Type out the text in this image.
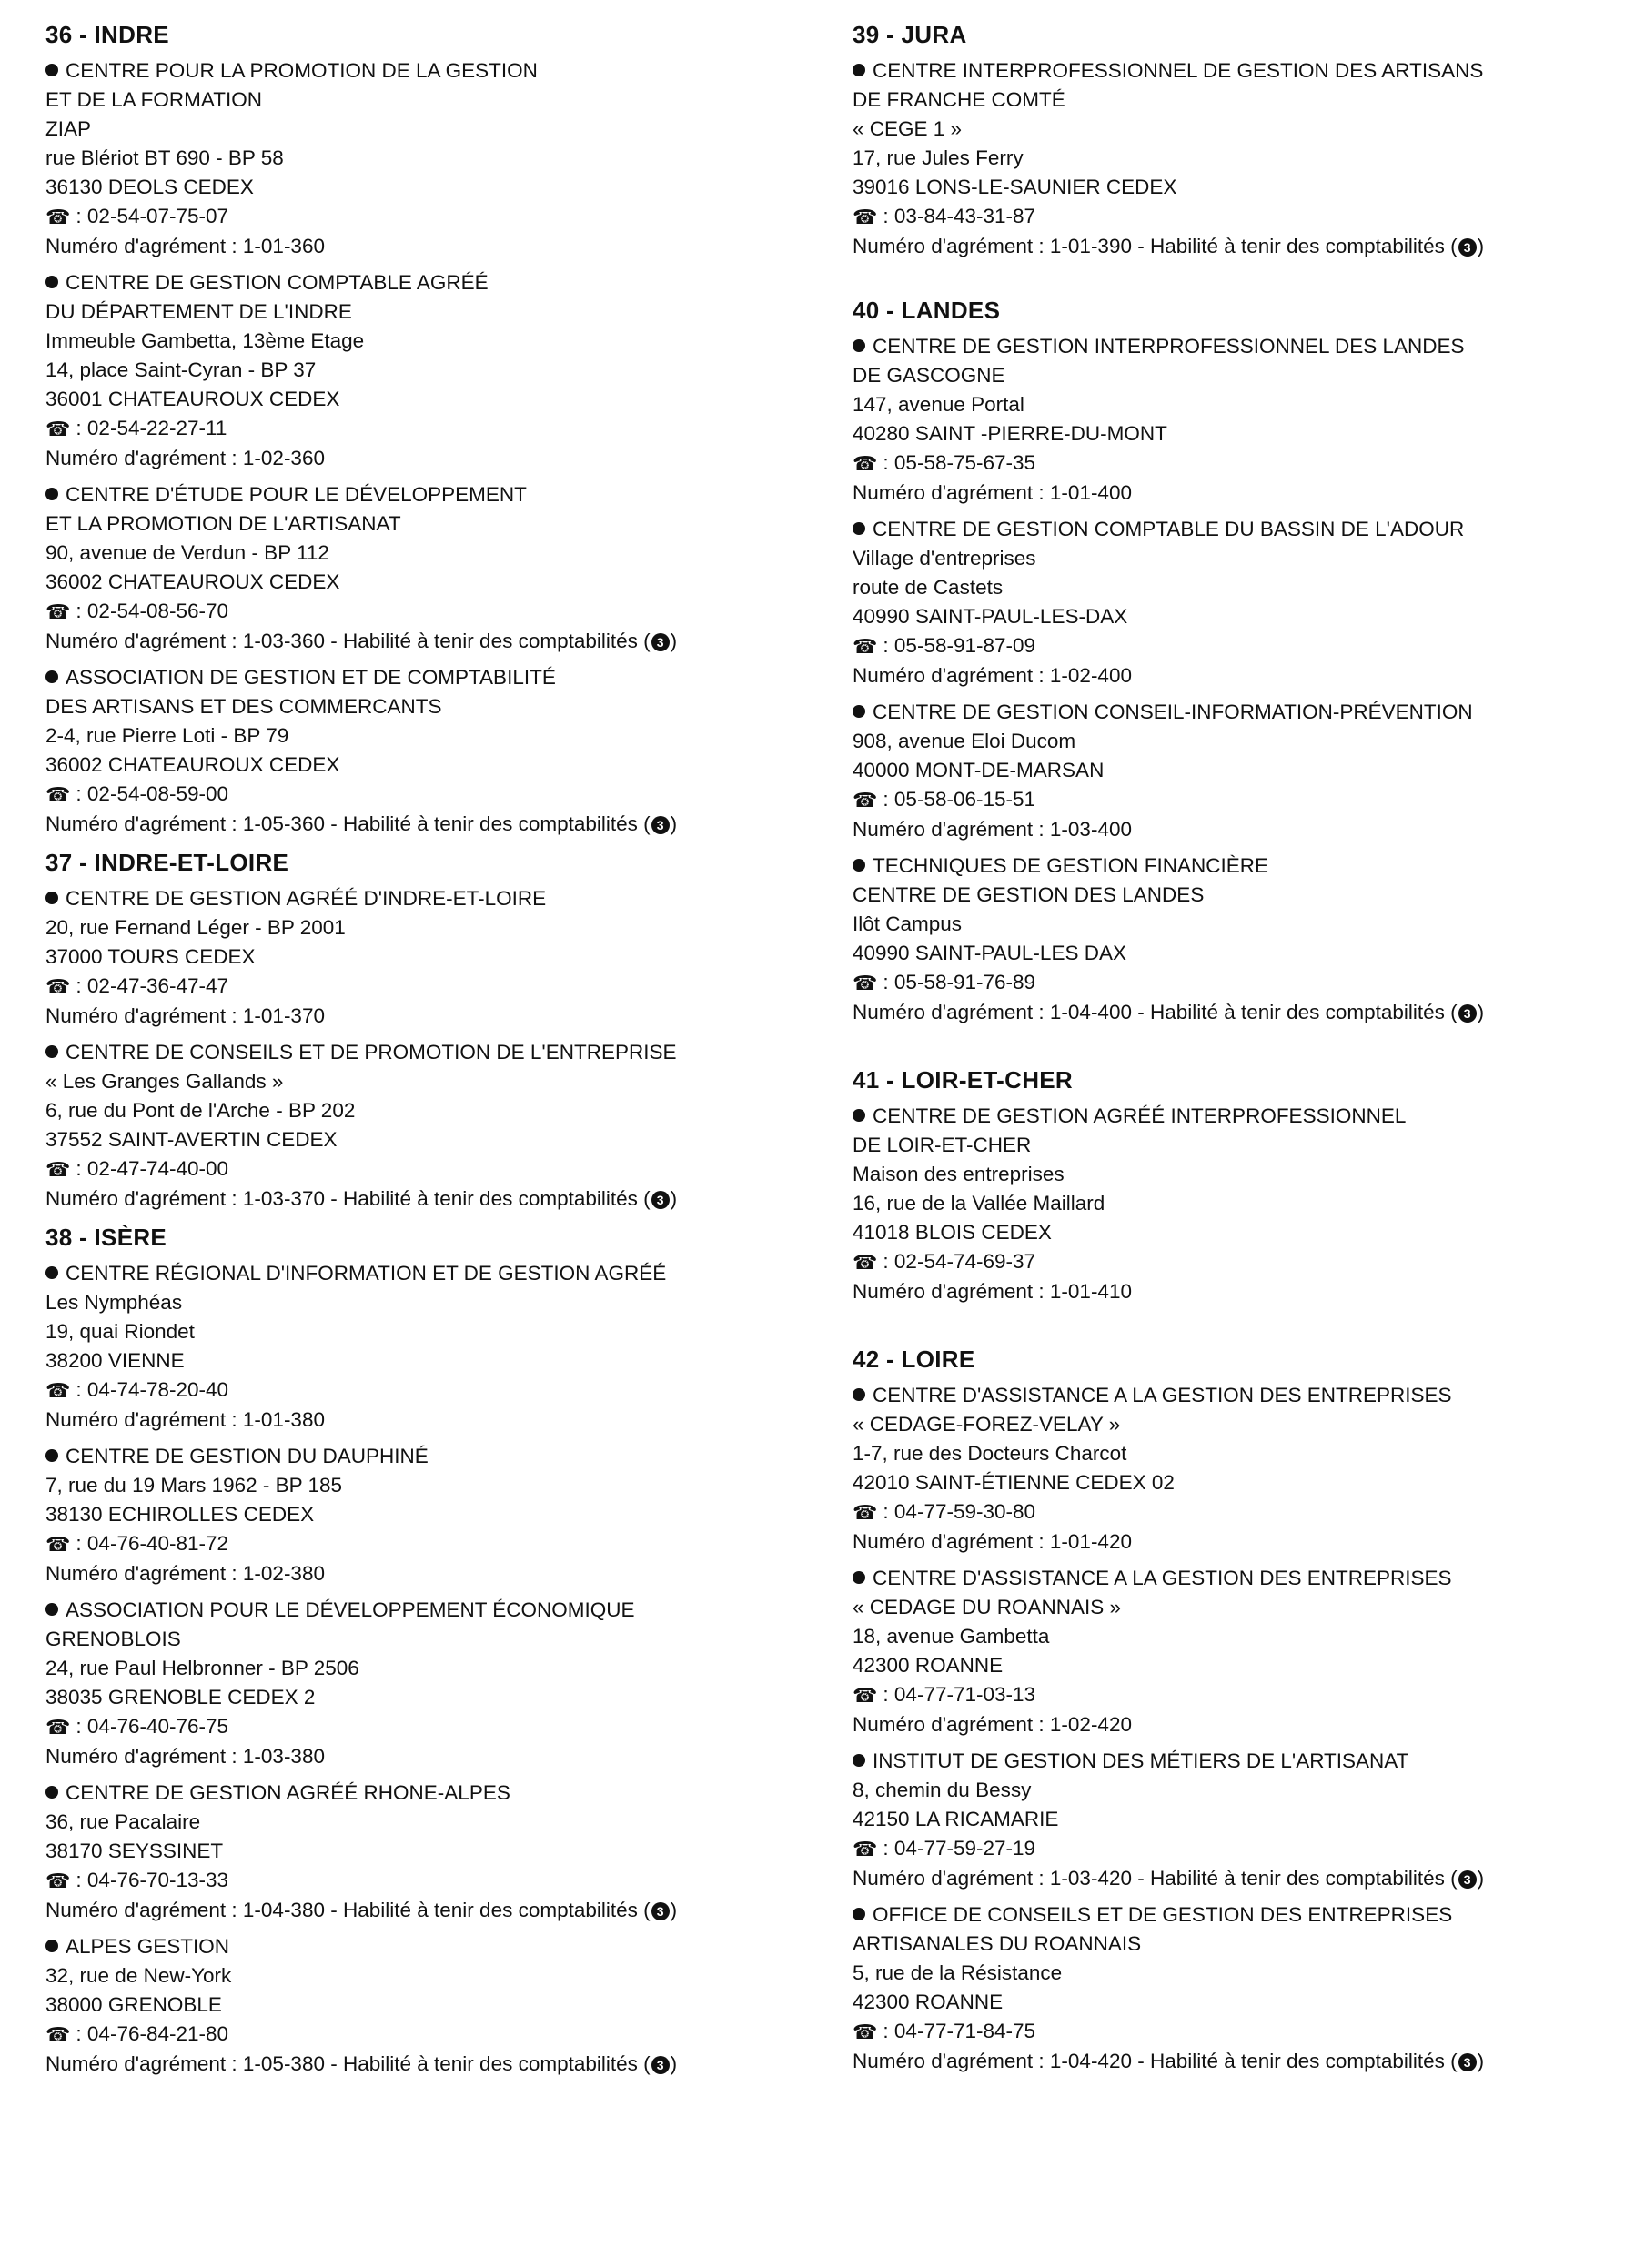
36 - INDRE
CENTRE POUR LA PROMOTION DE LA GESTION
ET DE LA FORMATION
ZIAP
rue Blériot BT 690 - BP 58
36130 DEOLS CEDEX
☎ : 02-54-07-75-07
Numéro d'agrément : 1-01-360
CENTRE DE GESTION COMPTABLE AGRÉÉ
DU DÉPARTEMENT DE L'INDRE
Immeuble Gambetta, 13ème Etage
14, place Saint-Cyran - BP 37
36001 CHATEAUROUX CEDEX
☎ : 02-54-22-27-11
Numéro d'agrément : 1-02-360
CENTRE D'ÉTUDE POUR LE DÉVELOPPEMENT
ET LA PROMOTION DE L'ARTISANAT
90, avenue de Verdun - BP 112
36002 CHATEAUROUX CEDEX
☎ : 02-54-08-56-70
Numéro d'agrément : 1-03-360 - Habilité à tenir des comptabilités ( 3 )
ASSOCIATION DE GESTION ET DE COMPTABILITÉ
DES ARTISANS ET DES COMMERCANTS
2-4, rue Pierre Loti - BP 79
36002 CHATEAUROUX CEDEX
☎ : 02-54-08-59-00
Numéro d'agrément : 1-05-360 - Habilité à tenir des comptabilités ( 3 )
37 - INDRE-ET-LOIRE
CENTRE DE GESTION AGRÉÉ D'INDRE-ET-LOIRE
20, rue Fernand Léger - BP 2001
37000 TOURS CEDEX
☎ : 02-47-36-47-47
Numéro d'agrément : 1-01-370
CENTRE DE CONSEILS ET DE PROMOTION DE L'ENTREPRISE
« Les Granges Gallands »
6, rue du Pont de l'Arche - BP 202
37552 SAINT-AVERTIN CEDEX
☎ : 02-47-74-40-00
Numéro d'agrément : 1-03-370 - Habilité à tenir des comptabilités ( 3 )
38 - ISÈRE
CENTRE RÉGIONAL D'INFORMATION ET DE GESTION AGRÉÉ
Les Nymphéas
19, quai Riondet
38200 VIENNE
☎ : 04-74-78-20-40
Numéro d'agrément : 1-01-380
CENTRE DE GESTION DU DAUPHINÉ
7, rue du 19 Mars 1962 - BP 185
38130 ECHIROLLES CEDEX
☎ : 04-76-40-81-72
Numéro d'agrément : 1-02-380
ASSOCIATION POUR LE DÉVELOPPEMENT ÉCONOMIQUE
GRENOBLOIS
24, rue Paul Helbronner - BP 2506
38035 GRENOBLE CEDEX 2
☎ : 04-76-40-76-75
Numéro d'agrément : 1-03-380
CENTRE DE GESTION AGRÉÉ RHONE-ALPES
36, rue Pacalaire
38170 SEYSSINET
☎ : 04-76-70-13-33
Numéro d'agrément : 1-04-380 - Habilité à tenir des comptabilités ( 3 )
ALPES GESTION
32, rue de New-York
38000 GRENOBLE
☎ : 04-76-84-21-80
Numéro d'agrément : 1-05-380 - Habilité à tenir des comptabilités ( 3 )
39 - JURA
CENTRE INTERPROFESSIONNEL DE GESTION DES ARTISANS
DE FRANCHE COMTÉ
« CEGE 1 »
17, rue Jules Ferry
39016 LONS-LE-SAUNIER CEDEX
☎ : 03-84-43-31-87
Numéro d'agrément : 1-01-390 - Habilité à tenir des comptabilités ( 3 )
40 - LANDES
CENTRE DE GESTION INTERPROFESSIONNEL DES LANDES
DE GASCOGNE
147, avenue Portal
40280 SAINT -PIERRE-DU-MONT
☎ : 05-58-75-67-35
Numéro d'agrément : 1-01-400
CENTRE DE GESTION COMPTABLE DU BASSIN DE L'ADOUR
Village d'entreprises
route de Castets
40990 SAINT-PAUL-LES-DAX
☎ : 05-58-91-87-09
Numéro d'agrément : 1-02-400
CENTRE DE GESTION CONSEIL-INFORMATION-PRÉVENTION
908, avenue Eloi Ducom
40000 MONT-DE-MARSAN
☎ : 05-58-06-15-51
Numéro d'agrément : 1-03-400
TECHNIQUES DE GESTION FINANCIÈRE
CENTRE DE GESTION DES LANDES
Ilôt Campus
40990 SAINT-PAUL-LES DAX
☎ : 05-58-91-76-89
Numéro d'agrément : 1-04-400 - Habilité à tenir des comptabilités ( 3 )
41 - LOIR-ET-CHER
CENTRE DE GESTION AGRÉÉ INTERPROFESSIONNEL
DE LOIR-ET-CHER
Maison des entreprises
16, rue de la Vallée Maillard
41018 BLOIS CEDEX
☎ : 02-54-74-69-37
Numéro d'agrément : 1-01-410
42 - LOIRE
CENTRE D'ASSISTANCE A LA GESTION DES ENTREPRISES
« CEDAGE-FOREZ-VELAY »
1-7, rue des Docteurs Charcot
42010 SAINT-ÉTIENNE CEDEX 02
☎ : 04-77-59-30-80
Numéro d'agrément : 1-01-420
CENTRE D'ASSISTANCE A LA GESTION DES ENTREPRISES
« CEDAGE DU ROANNAIS »
18, avenue Gambetta
42300 ROANNE
☎ : 04-77-71-03-13
Numéro d'agrément : 1-02-420
INSTITUT DE GESTION DES MÉTIERS DE L'ARTISANAT
8, chemin du Bessy
42150 LA RICAMARIE
☎ : 04-77-59-27-19
Numéro d'agrément : 1-03-420 - Habilité à tenir des comptabilités ( 3 )
OFFICE DE CONSEILS ET DE GESTION DES ENTREPRISES
ARTISANALES DU ROANNAIS
5, rue de la Résistance
42300 ROANNE
☎ : 04-77-71-84-75
Numéro d'agrément : 1-04-420 - Habilité à tenir des comptabilités ( 3 )
